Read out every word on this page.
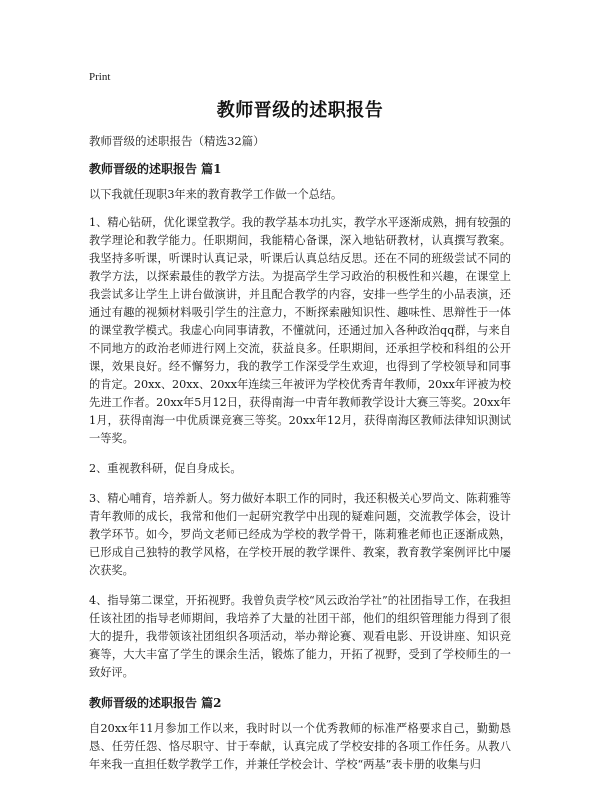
Print
教师晋级的述职报告
教师晋级的述职报告（精选32篇）
教师晋级的述职报告 篇1

以下我就任现职3年来的教育教学工作做一个总结。

1、精心钻研，优化课堂教学。我的教学基本功扎实，教学水平逐渐成熟，拥有较强的教学理论和教学能力。任职期间，我能精心备课，深入地钻研教材，认真撰写教案。我坚持多听课，听课时认真记录，听课后认真总结反思。还在不同的班级尝试不同的教学方法，以探索最佳的教学方法。为提高学生学习政治的积极性和兴趣，在课堂上我尝试多让学生上讲台做演讲，并且配合教学的内容，安排一些学生的小品表演，还通过有趣的视频材料吸引学生的注意力，不断探索融知识性、趣味性、思辩性于一体的课堂教学模式。我虚心向同事请教，不懂就问，还通过加入各种政治qq群，与来自不同地方的政治老师进行网上交流，获益良多。任职期间，还承担学校和科组的公开课，效果良好。经不懈努力，我的教学工作深受学生欢迎，也得到了学校领导和同事的肯定。20xx、20xx、20xx年连续三年被评为学校优秀青年教师，20xx年评被为校先进工作者。20xx年5月12日，获得南海一中青年教师教学设计大赛三等奖。20xx年1月，获得南海一中优质课竞赛三等奖。20xx年12月，获得南海区教师法律知识测试一等奖。

2、重视教科研，促自身成长。

3、精心哺育，培养新人。努力做好本职工作的同时，我还积极关心罗尚文、陈莉雅等青年教师的成长，我常和他们一起研究教学中出现的疑难问题，交流教学体会，设计教学环节。如今，罗尚文老师已经成为学校的教学骨干，陈莉雅老师也正逐渐成熟，已形成自己独特的教学风格，在学校开展的教学课件、教案，教育教学案例评比中屡次获奖。

4、指导第二课堂，开拓视野。我曾负责学校“风云政治学社”的社团指导工作，在我担任该社团的指导老师期间，我培养了大量的社团干部，他们的组织管理能力得到了很大的提升，我带领该社团组织各项活动，举办辩论赛、观看电影、开设讲座、知识竞赛等，大大丰富了学生的课余生活，锻炼了能力，开拓了视野，受到了学校师生的一致好评。

教师晋级的述职报告 篇2

自20xx年11月参加工作以来，我时时以一个优秀教师的标准严格要求自己，勤勤恳恳、任劳任怨、恪尽职守、甘于奉献，认真完成了学校安排的各项工作任务。从教八年来我一直担任数学教学工作，并兼任学校会计、学校“两基”表卡册的收集与归
